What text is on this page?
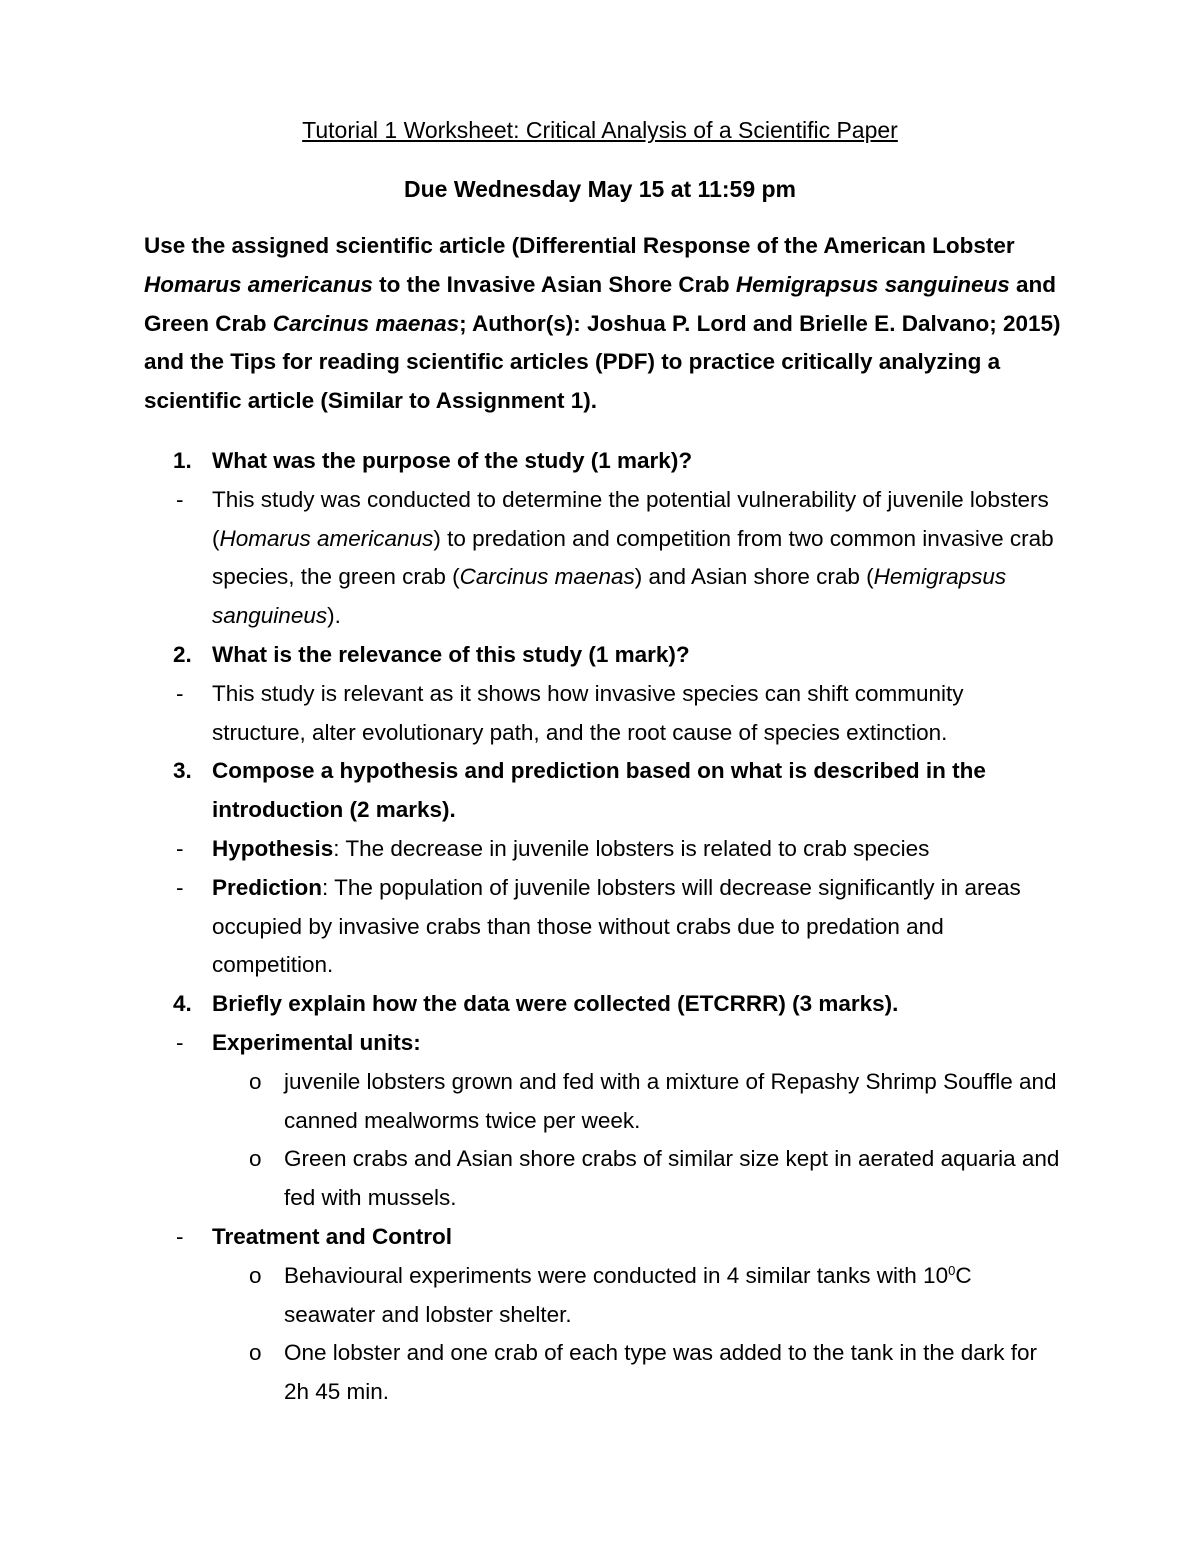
Tutorial 1 Worksheet: Critical Analysis of a Scientific Paper
Due Wednesday May 15 at 11:59 pm

Use the assigned scientific article (Differential Response of the American Lobster Homarus americanus to the Invasive Asian Shore Crab Hemigrapsus sanguineus and Green Crab Carcinus maenas; Author(s): Joshua P. Lord and Brielle E. Dalvano; 2015) and the Tips for reading scientific articles (PDF) to practice critically analyzing a scientific article (Similar to Assignment 1).

1. What was the purpose of the study (1 mark)?
- This study was conducted to determine the potential vulnerability of juvenile lobsters (Homarus americanus) to predation and competition from two common invasive crab species, the green crab (Carcinus maenas) and Asian shore crab (Hemigrapsus sanguineus).
2. What is the relevance of this study (1 mark)?
- This study is relevant as it shows how invasive species can shift community structure, alter evolutionary path, and the root cause of species extinction.
3. Compose a hypothesis and prediction based on what is described in the introduction (2 marks).
- Hypothesis: The decrease in juvenile lobsters is related to crab species
- Prediction: The population of juvenile lobsters will decrease significantly in areas occupied by invasive crabs than those without crabs due to predation and competition.
4. Briefly explain how the data were collected (ETCRRR) (3 marks).
- Experimental units:
o juvenile lobsters grown and fed with a mixture of Repashy Shrimp Souffle and canned mealworms twice per week.
o Green crabs and Asian shore crabs of similar size kept in aerated aquaria and fed with mussels.
- Treatment and Control
o Behavioural experiments were conducted in 4 similar tanks with $10^0C$ seawater and lobster shelter.
o One lobster and one crab of each type was added to the tank in the dark for 2h 45 min.
